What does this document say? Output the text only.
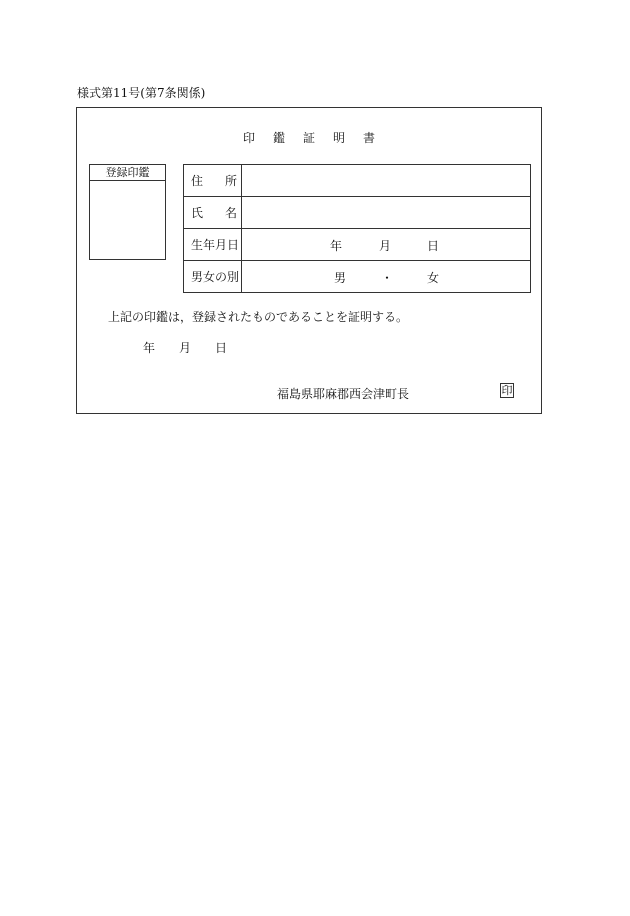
様式第11号(第7条関係)
印 鑑 証 明 書
登録印鑑
住 所	

氏 名	

生年月日	年 月 日

男女の別	男 ・ 女
上記の印鑑は，登録されたものであることを証明する。
年 月 日
福島県耶麻郡西会津町長	印
